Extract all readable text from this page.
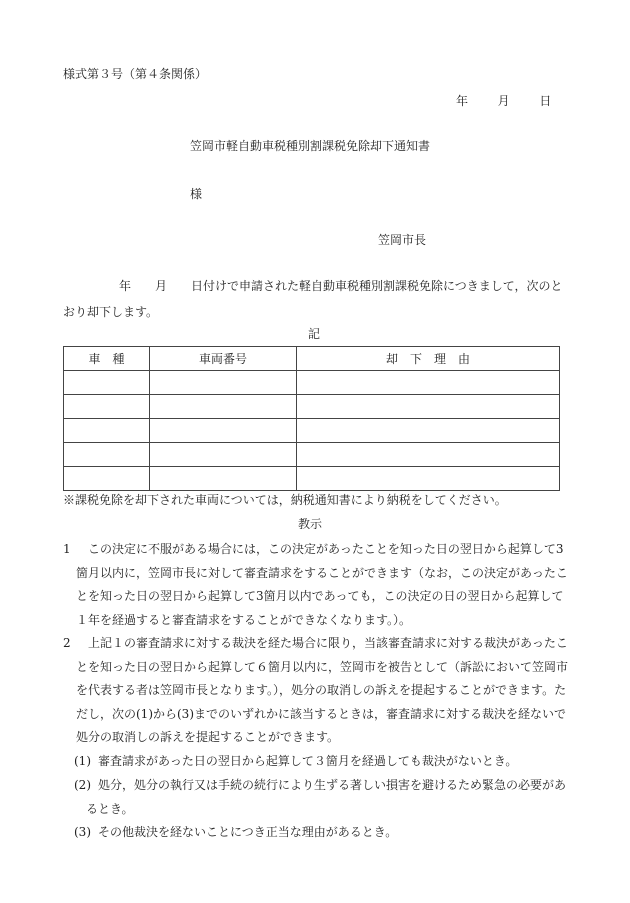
様式第３号（第４条関係）
年 月 日
笠岡市軽自動車税種別割課税免除却下通知書
様
笠岡市長
年　　月　　日付けで申請された軽自動車税種別割課税免除につきまして，次のとおり却下します。
記
車　種	車両番号	却　下　理　由

※課税免除を却下された車両については，納税通知書により納税をしてください。
教示
1	この決定に不服がある場合には，この決定があったことを知った日の翌日から起算して3箇月以内に，笠岡市長に対して審査請求をすることができます（なお，この決定があったことを知った日の翌日から起算して3箇月以内であっても，この決定の日の翌日から起算して１年を経過すると審査請求をすることができなくなります。）。
2	上記１の審査請求に対する裁決を経た場合に限り，当該審査請求に対する裁決があったことを知った日の翌日から起算して６箇月以内に，笠岡市を被告として（訴訟において笠岡市を代表する者は笠岡市長となります。），処分の取消しの訴えを提起することができます。ただし，次の(1)から(3)までのいずれかに該当するときは，審査請求に対する裁決を経ないで処分の取消しの訴えを提起することができます。
(1) 審査請求があった日の翌日から起算して３箇月を経過しても裁決がないとき。
(2) 処分，処分の執行又は手続の続行により生ずる著しい損害を避けるため緊急の必要があるとき。
(3) その他裁決を経ないことにつき正当な理由があるとき。
